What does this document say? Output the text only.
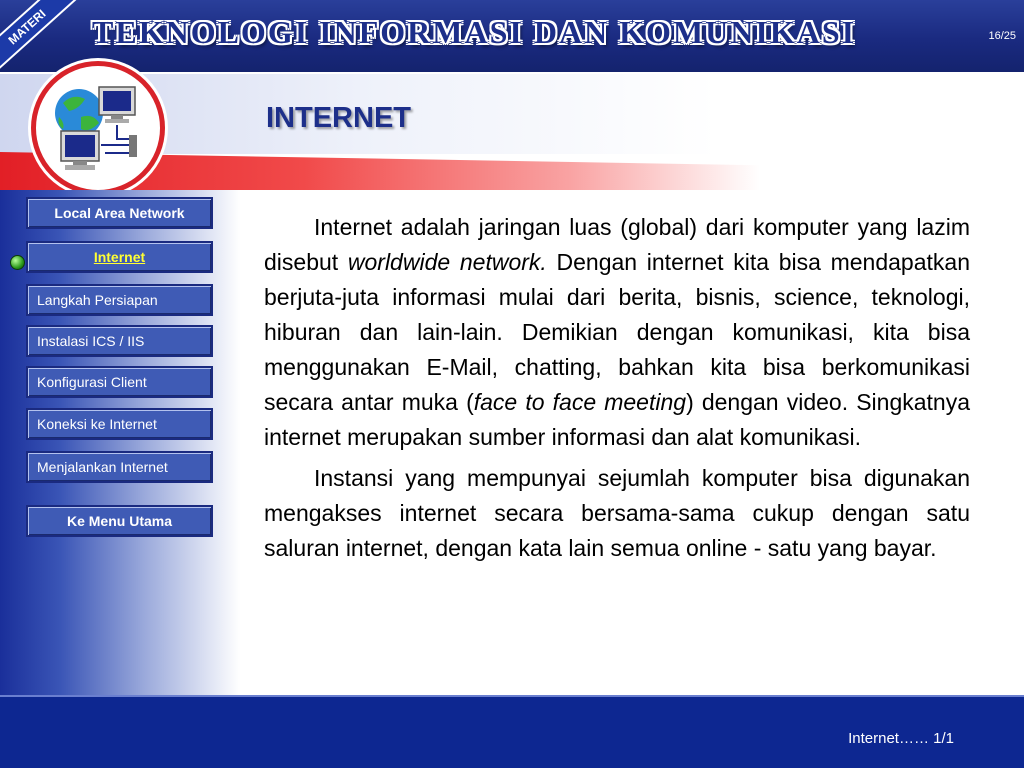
TEKNOLOGI INFORMASI DAN KOMUNIKASI	16/25
MATERI
INTERNET
Local Area Network
Internet
Langkah Persiapan
Instalasi ICS / IIS
Konfigurasi Client
Koneksi ke Internet
Menjalankan Internet
Ke Menu Utama

Internet adalah jaringan luas (global) dari komputer yang lazim disebut worldwide network. Dengan internet kita bisa mendapatkan berjuta-juta informasi mulai dari berita, bisnis, science, teknologi, hiburan dan lain-lain. Demikian dengan komunikasi, kita bisa menggunakan E-Mail, chatting, bahkan kita bisa berkomunikasi secara antar muka (face to face meeting) dengan video. Singkatnya internet merupakan sumber informasi dan alat komunikasi.

Instansi yang mempunyai sejumlah komputer bisa digunakan mengakses internet secara bersama-sama cukup dengan satu saluran internet, dengan kata lain semua online - satu yang bayar.

Internet…… 1/1
